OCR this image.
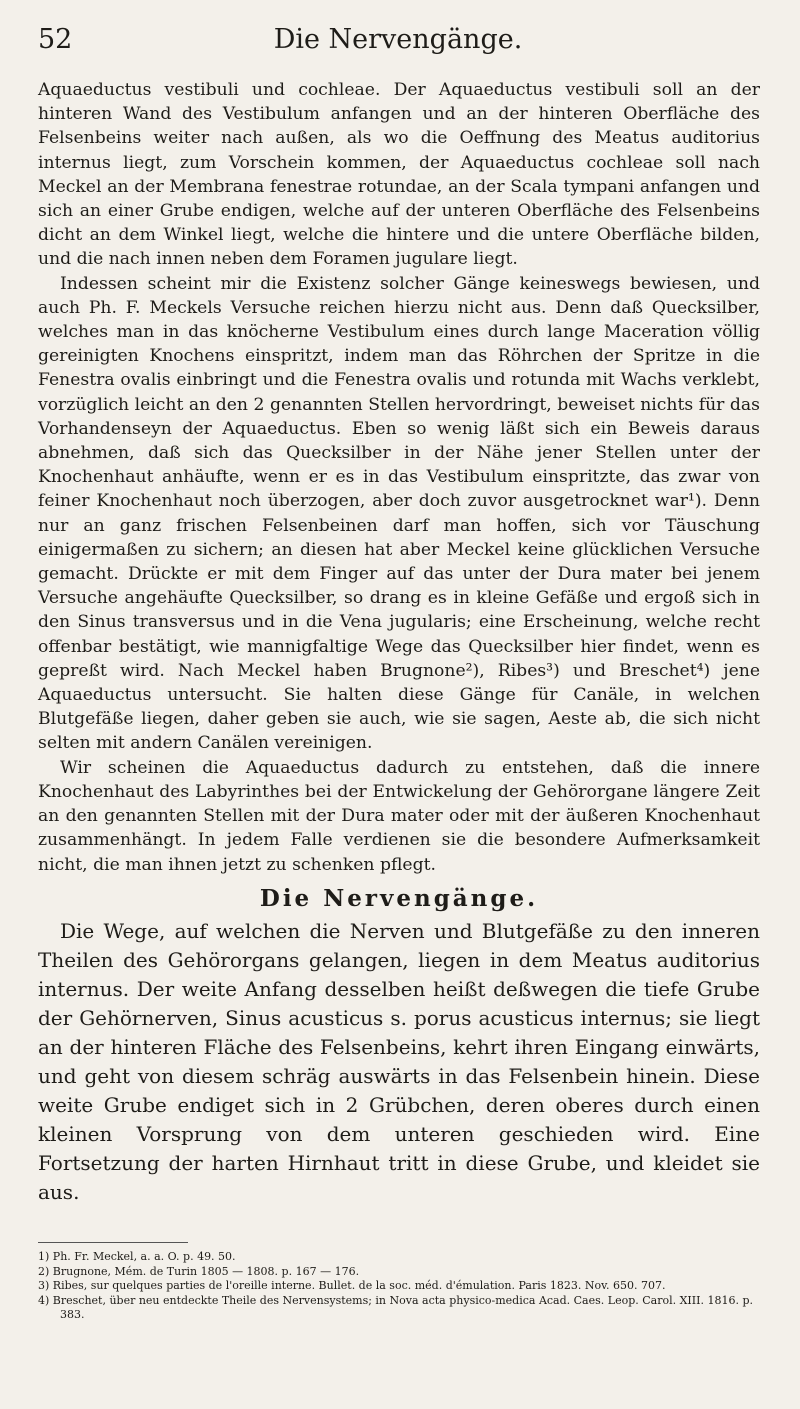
52	Die Nervengänge.

Aquaeductus vestibuli und cochleae. Der Aquaeductus vestibuli soll an der hinteren Wand des Vestibulum anfangen und an der hinteren Oberfläche des Felsenbeins weiter nach außen, als wo die Oeffnung des Meatus auditorius internus liegt, zum Vorschein kommen, der Aquaeductus cochleae soll nach Meckel an der Membrana fenestrae rotundae, an der Scala tympani anfangen und sich an einer Grube endigen, welche auf der unteren Oberfläche des Felsenbeins dicht an dem Winkel liegt, welche die hintere und die untere Oberfläche bilden, und die nach innen neben dem Foramen jugulare liegt.

Indessen scheint mir die Existenz solcher Gänge keineswegs bewiesen, und auch Ph. F. Meckels Versuche reichen hierzu nicht aus. Denn daß Quecksilber, welches man in das knöcherne Vestibulum eines durch lange Maceration völlig gereinigten Knochens einspritzt, indem man das Röhrchen der Spritze in die Fenestra ovalis einbringt und die Fenestra ovalis und rotunda mit Wachs verklebt, vorzüglich leicht an den 2 genannten Stellen hervordringt, beweiset nichts für das Vorhandenseyn der Aquaeductus. Eben so wenig läßt sich ein Beweis daraus abnehmen, daß sich das Quecksilber in der Nähe jener Stellen unter der Knochenhaut anhäufte, wenn er es in das Vestibulum einspritzte, das zwar von feiner Knochenhaut noch überzogen, aber doch zuvor ausgetrocknet war¹). Denn nur an ganz frischen Felsenbeinen darf man hoffen, sich vor Täuschung einigermaßen zu sichern; an diesen hat aber Meckel keine glücklichen Versuche gemacht. Drückte er mit dem Finger auf das unter der Dura mater bei jenem Versuche angehäufte Quecksilber, so drang es in kleine Gefäße und ergoß sich in den Sinus transversus und in die Vena jugularis; eine Erscheinung, welche recht offenbar bestätigt, wie mannigfaltige Wege das Quecksilber hier findet, wenn es gepreßt wird. Nach Meckel haben Brugnone²), Ribes³) und Breschet⁴) jene Aquaeductus untersucht. Sie halten diese Gänge für Canäle, in welchen Blutgefäße liegen, daher geben sie auch, wie sie sagen, Aeste ab, die sich nicht selten mit andern Canälen vereinigen.

Wir scheinen die Aquaeductus dadurch zu entstehen, daß die innere Knochenhaut des Labyrinthes bei der Entwickelung der Gehörorgane längere Zeit an den genannten Stellen mit der Dura mater oder mit der äußeren Knochenhaut zusammenhängt. In jedem Falle verdienen sie die besondere Aufmerksamkeit nicht, die man ihnen jetzt zu schenken pflegt.

Die Nervengänge.

Die Wege, auf welchen die Nerven und Blutgefäße zu den inneren Theilen des Gehörorgans gelangen, liegen in dem Meatus auditorius internus. Der weite Anfang desselben heißt deßwegen die tiefe Grube der Gehörnerven, Sinus acusticus s. porus acusticus internus; sie liegt an der hinteren Fläche des Felsenbeins, kehrt ihren Eingang einwärts, und geht von diesem schräg auswärts in das Felsenbein hinein. Diese weite Grube endiget sich in 2 Grübchen, deren oberes durch einen kleinen Vorsprung von dem unteren geschieden wird. Eine Fortsetzung der harten Hirnhaut tritt in diese Grube, und kleidet sie aus.

1) Ph. Fr. Meckel, a. a. O. p. 49. 50.
2) Brugnone, Mém. de Turin 1805 — 1808. p. 167 — 176.
3) Ribes, sur quelques parties de l'oreille interne. Bullet. de la soc. méd. d'émulation. Paris 1823. Nov. 650. 707.
4) Breschet, über neu entdeckte Theile des Nervensystems; in Nova acta physico-medica Acad. Caes. Leop. Carol. XIII. 1816. p. 383.
